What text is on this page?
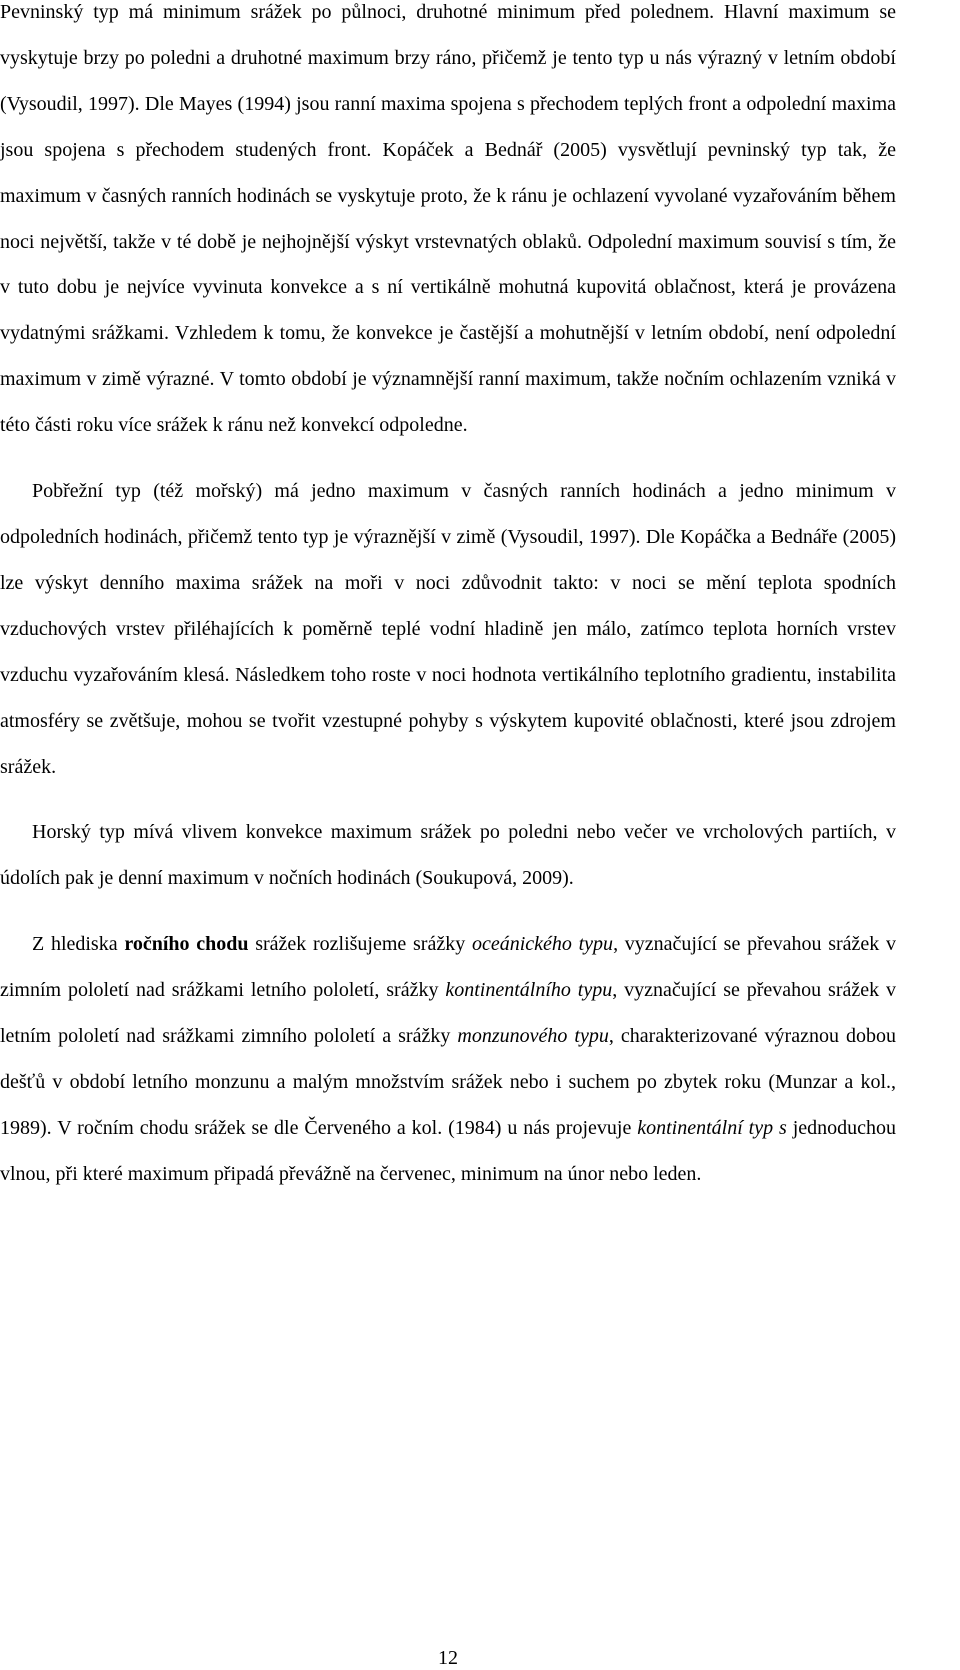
Pevninský typ má minimum srážek po půlnoci, druhotné minimum před polednem. Hlavní maximum se vyskytuje brzy po poledni a druhotné maximum brzy ráno, přičemž je tento typ u nás výrazný v letním období (Vysoudil, 1997). Dle Mayes (1994) jsou ranní maxima spojena s přechodem teplých front a odpolední maxima jsou spojena s přechodem studených front. Kopáček a Bednář (2005) vysvětlují pevninský typ tak, že maximum v časných ranních hodinách se vyskytuje proto, že k ránu je ochlazení vyvolané vyzařováním během noci největší, takže v té době je nejhojnější výskyt vrstevnatých oblaků. Odpolední maximum souvisí s tím, že v tuto dobu je nejvíce vyvinuta konvekce a s ní vertikálně mohutná kupovitá oblačnost, která je provázena vydatnými srážkami. Vzhledem k tomu, že konvekce je častější a mohutnější v letním období, není odpolední maximum v zimě výrazné. V tomto období je významnější ranní maximum, takže nočním ochlazením vzniká v této části roku více srážek k ránu než konvekcí odpoledne.

Pobřežní typ (též mořský) má jedno maximum v časných ranních hodinách a jedno minimum v odpoledních hodinách, přičemž tento typ je výraznější v zimě (Vysoudil, 1997). Dle Kopáčka a Bednáře (2005) lze výskyt denního maxima srážek na moři v noci zdůvodnit takto: v noci se mění teplota spodních vzduchových vrstev přiléhajících k poměrně teplé vodní hladině jen málo, zatímco teplota horních vrstev vzduchu vyzařováním klesá. Následkem toho roste v noci hodnota vertikálního teplotního gradientu, instabilita atmosféry se zvětšuje, mohou se tvořit vzestupné pohyby s výskytem kupovité oblačnosti, které jsou zdrojem srážek.

Horský typ mívá vlivem konvekce maximum srážek po poledni nebo večer ve vrcholových partiích, v údolích pak je denní maximum v nočních hodinách (Soukupová, 2009).

Z hlediska ročního chodu srážek rozlišujeme srážky oceánického typu, vyznačující se převahou srážek v zimním pololetí nad srážkami letního pololetí, srážky kontinentálního typu, vyznačující se převahou srážek v letním pololetí nad srážkami zimního pololetí a srážky monzunového typu, charakterizované výraznou dobou dešťů v období letního monzunu a malým množstvím srážek nebo i suchem po zbytek roku (Munzar a kol., 1989). V ročním chodu srážek se dle Červeného a kol. (1984) u nás projevuje kontinentální typ s jednoduchou vlnou, při které maximum připadá převážně na červenec, minimum na únor nebo leden.

12
